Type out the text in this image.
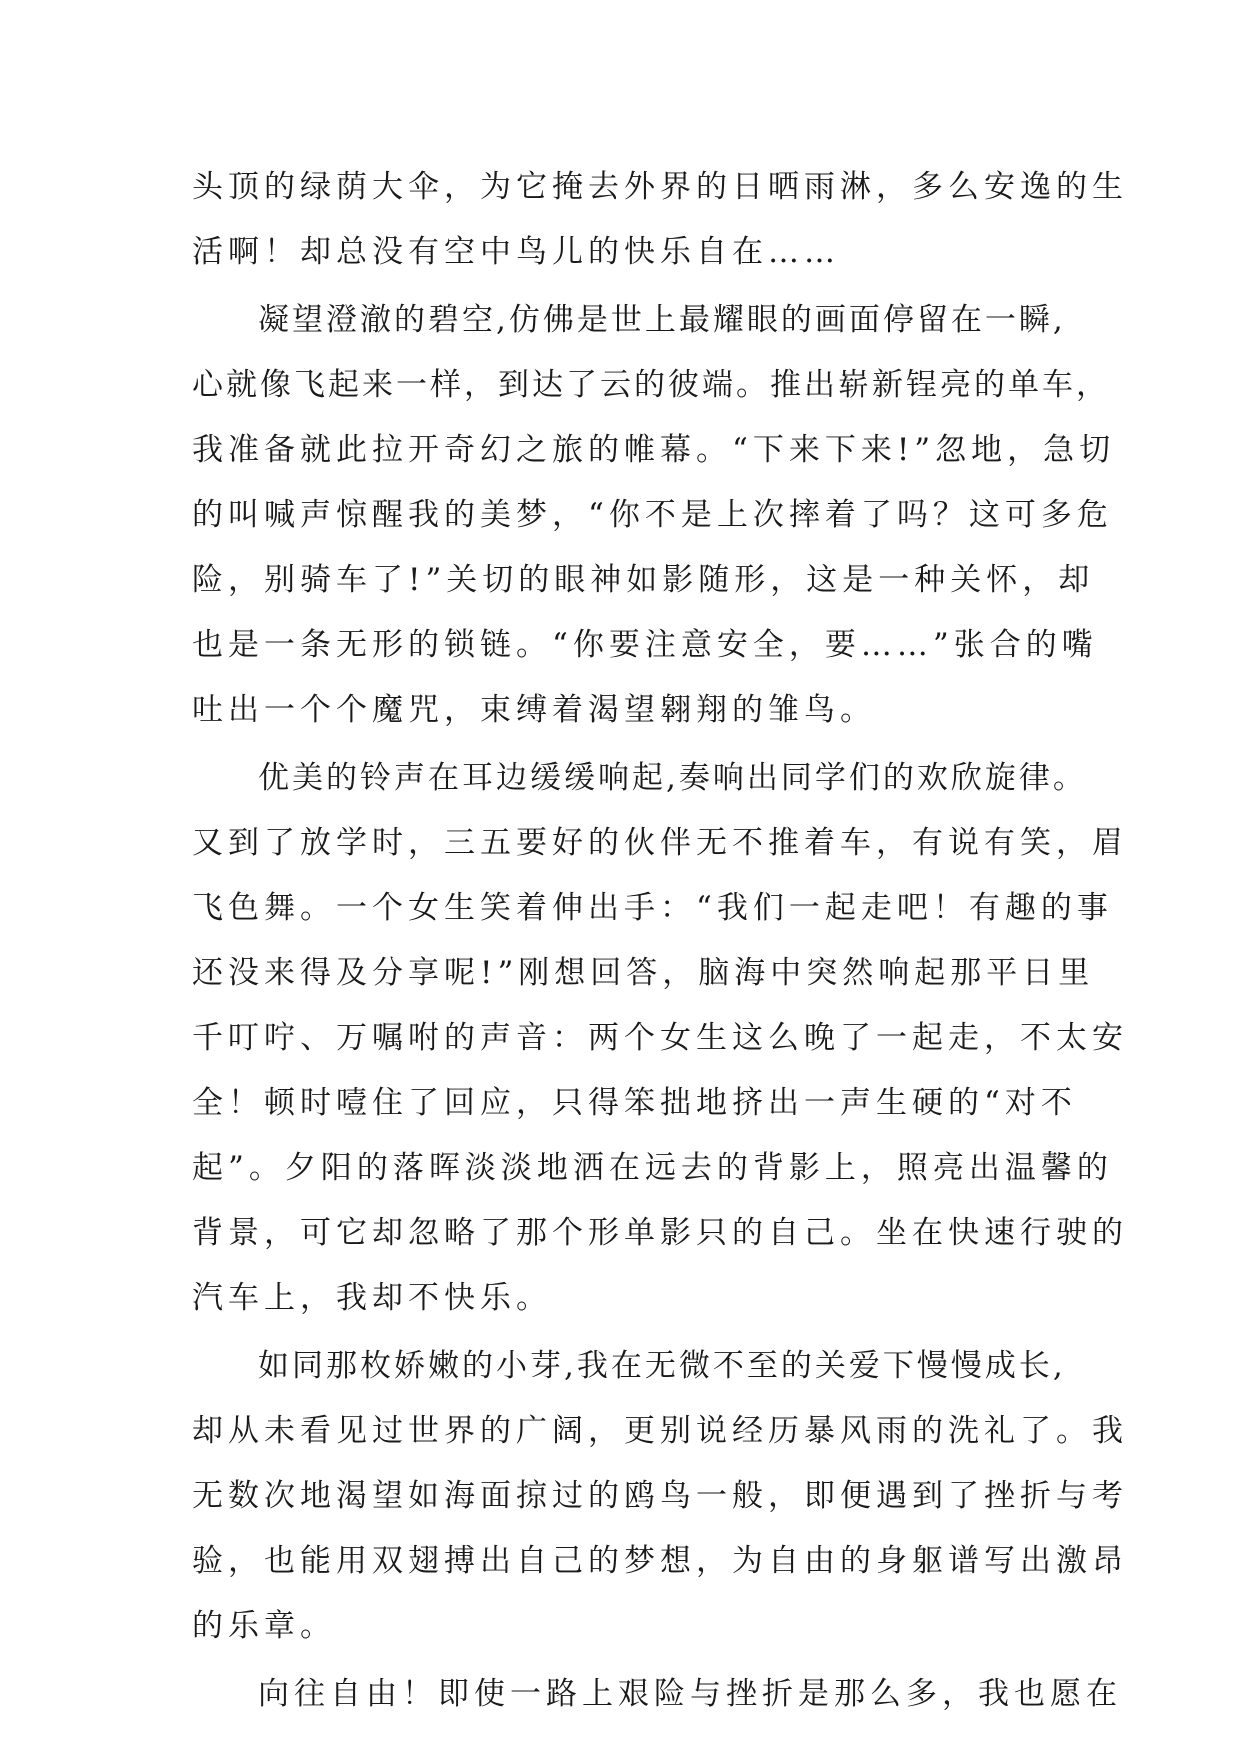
头顶的绿荫大伞，为它掩去外界的日晒雨淋，多么安逸的生
活啊！却总没有空中鸟儿的快乐自在……
凝望澄澈的碧空,仿佛是世上最耀眼的画面停留在一瞬,
心就像飞起来一样，到达了云的彼端。推出崭新锃亮的单车，
我准备就此拉开奇幻之旅的帷幕。“下来下来!”忽地，急切
的叫喊声惊醒我的美梦，“你不是上次摔着了吗？这可多危
险，别骑车了!”关切的眼神如影随形，这是一种关怀，却
也是一条无形的锁链。“你要注意安全，要……”张合的嘴
吐出一个个魔咒，束缚着渴望翱翔的雏鸟。
优美的铃声在耳边缓缓响起,奏响出同学们的欢欣旋律。
又到了放学时，三五要好的伙伴无不推着车，有说有笑，眉
飞色舞。一个女生笑着伸出手：“我们一起走吧！有趣的事
还没来得及分享呢!”刚想回答，脑海中突然响起那平日里
千叮咛、万嘱咐的声音：两个女生这么晚了一起走，不太安
全！顿时噎住了回应，只得笨拙地挤出一声生硬的“对不
起”。夕阳的落晖淡淡地洒在远去的背影上，照亮出温馨的
背景，可它却忽略了那个形单影只的自己。坐在快速行驶的
汽车上，我却不快乐。
如同那枚娇嫩的小芽,我在无微不至的关爱下慢慢成长,
却从未看见过世界的广阔，更别说经历暴风雨的洗礼了。我
无数次地渴望如海面掠过的鸥鸟一般，即便遇到了挫折与考
验，也能用双翅搏出自己的梦想，为自由的身躯谱写出激昂
的乐章。
向往自由！即使一路上艰险与挫折是那么多，我也愿在
